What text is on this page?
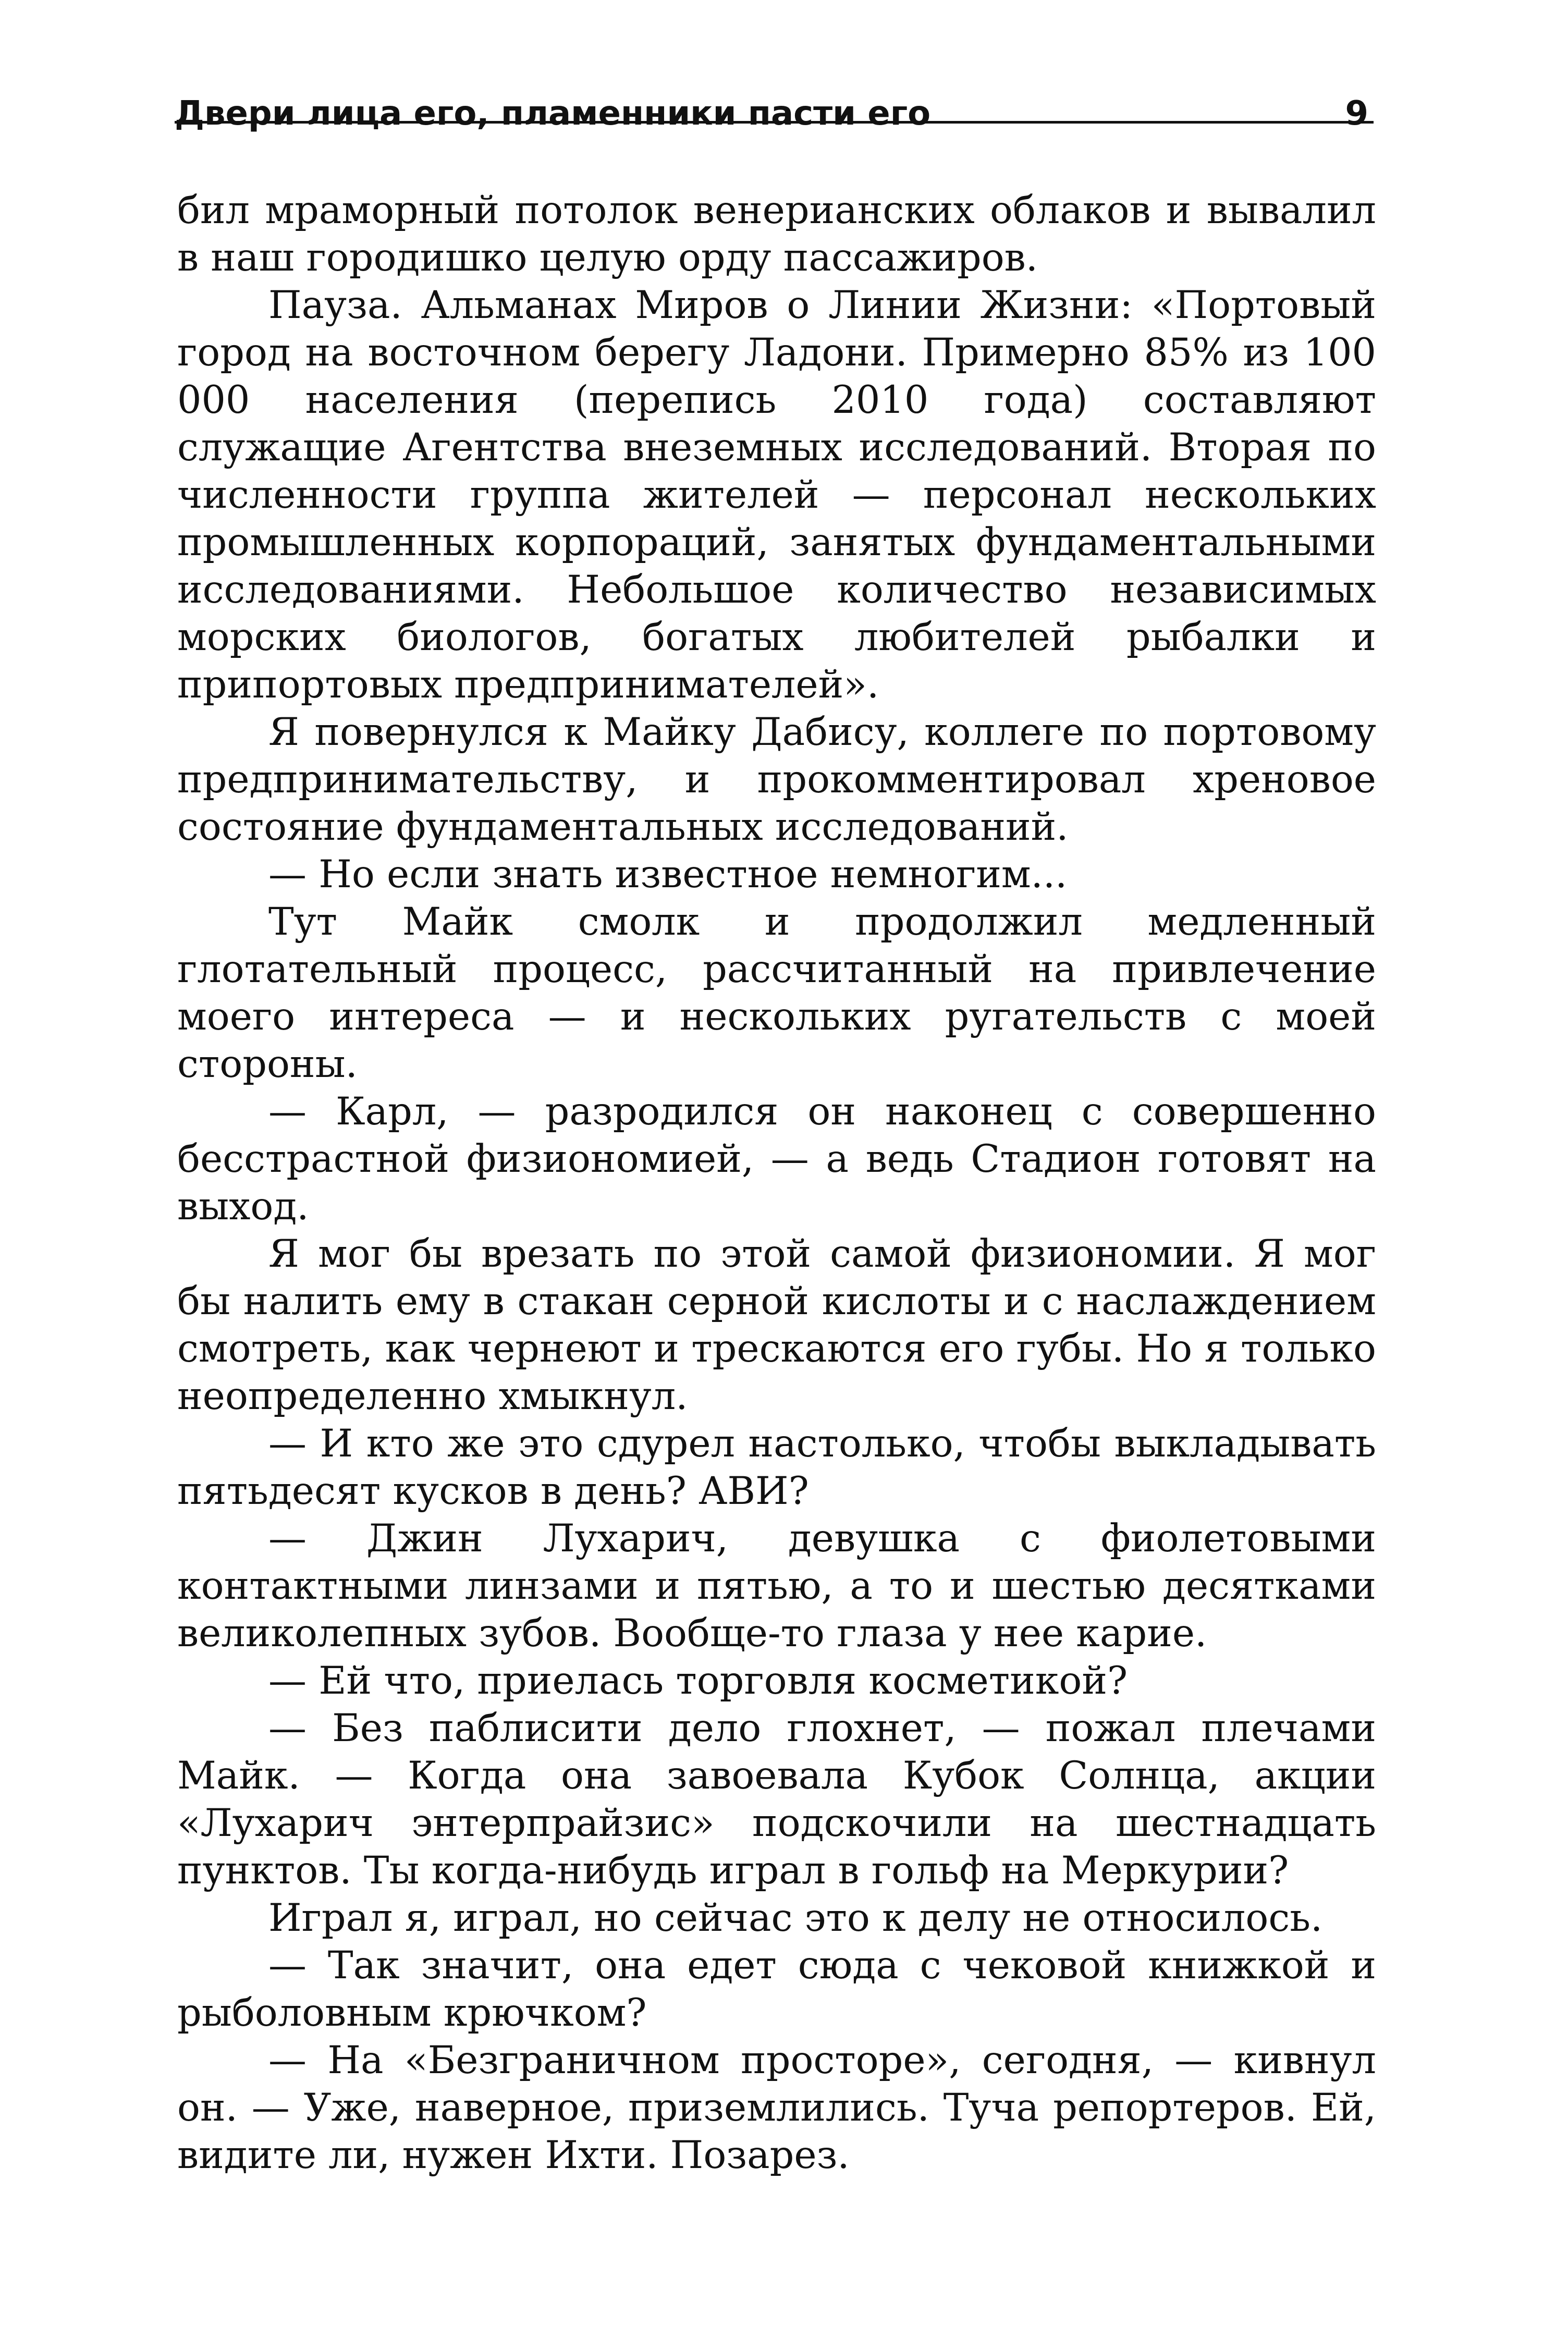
Двери лица его, пламенники пасти его	9

бил мраморный потолок венерианских облаков и вывалил в наш городишко целую орду пассажиров.

Пауза. Альманах Миров о Линии Жизни: «Портовый город на восточном берегу Ладони. Примерно 85% из 100 000 населения (перепись 2010 года) составляют служащие Агентства внеземных исследований. Вторая по численности группа жителей — персонал нескольких промышленных корпораций, занятых фундаментальными исследованиями. Небольшое количество независимых морских биологов, богатых любителей рыбалки и припортовых предпринимателей».

Я повернулся к Майку Дабису, коллеге по портовому предпринимательству, и прокомментировал хреновое состояние фундаментальных исследований.

— Но если знать известное немногим...

Тут Майк смолк и продолжил медленный глотательный процесс, рассчитанный на привлечение моего интереса — и нескольких ругательств с моей стороны.

— Карл, — разродился он наконец с совершенно бесстрастной физиономией, — а ведь Стадион готовят на выход.

Я мог бы врезать по этой самой физиономии. Я мог бы налить ему в стакан серной кислоты и с наслаждением смотреть, как чернеют и трескаются его губы. Но я только неопределенно хмыкнул.

— И кто же это сдурел настолько, чтобы выкладывать пятьдесят кусков в день? АВИ?

— Джин Лухарич, девушка с фиолетовыми контактными линзами и пятью, а то и шестью десятками великолепных зубов. Вообще-то глаза у нее карие.

— Ей что, приелась торговля косметикой?

— Без паблисити дело глохнет, — пожал плечами Майк. — Когда она завоевала Кубок Солнца, акции «Лухарич энтерпрайзис» подскочили на шестнадцать пунктов. Ты когда-нибудь играл в гольф на Меркурии?

Играл я, играл, но сейчас это к делу не относилось.

— Так значит, она едет сюда с чековой книжкой и рыболовным крючком?

— На «Безграничном просторе», сегодня, — кивнул он. — Уже, наверное, приземлились. Туча репортеров. Ей, видите ли, нужен Ихти. Позарез.
